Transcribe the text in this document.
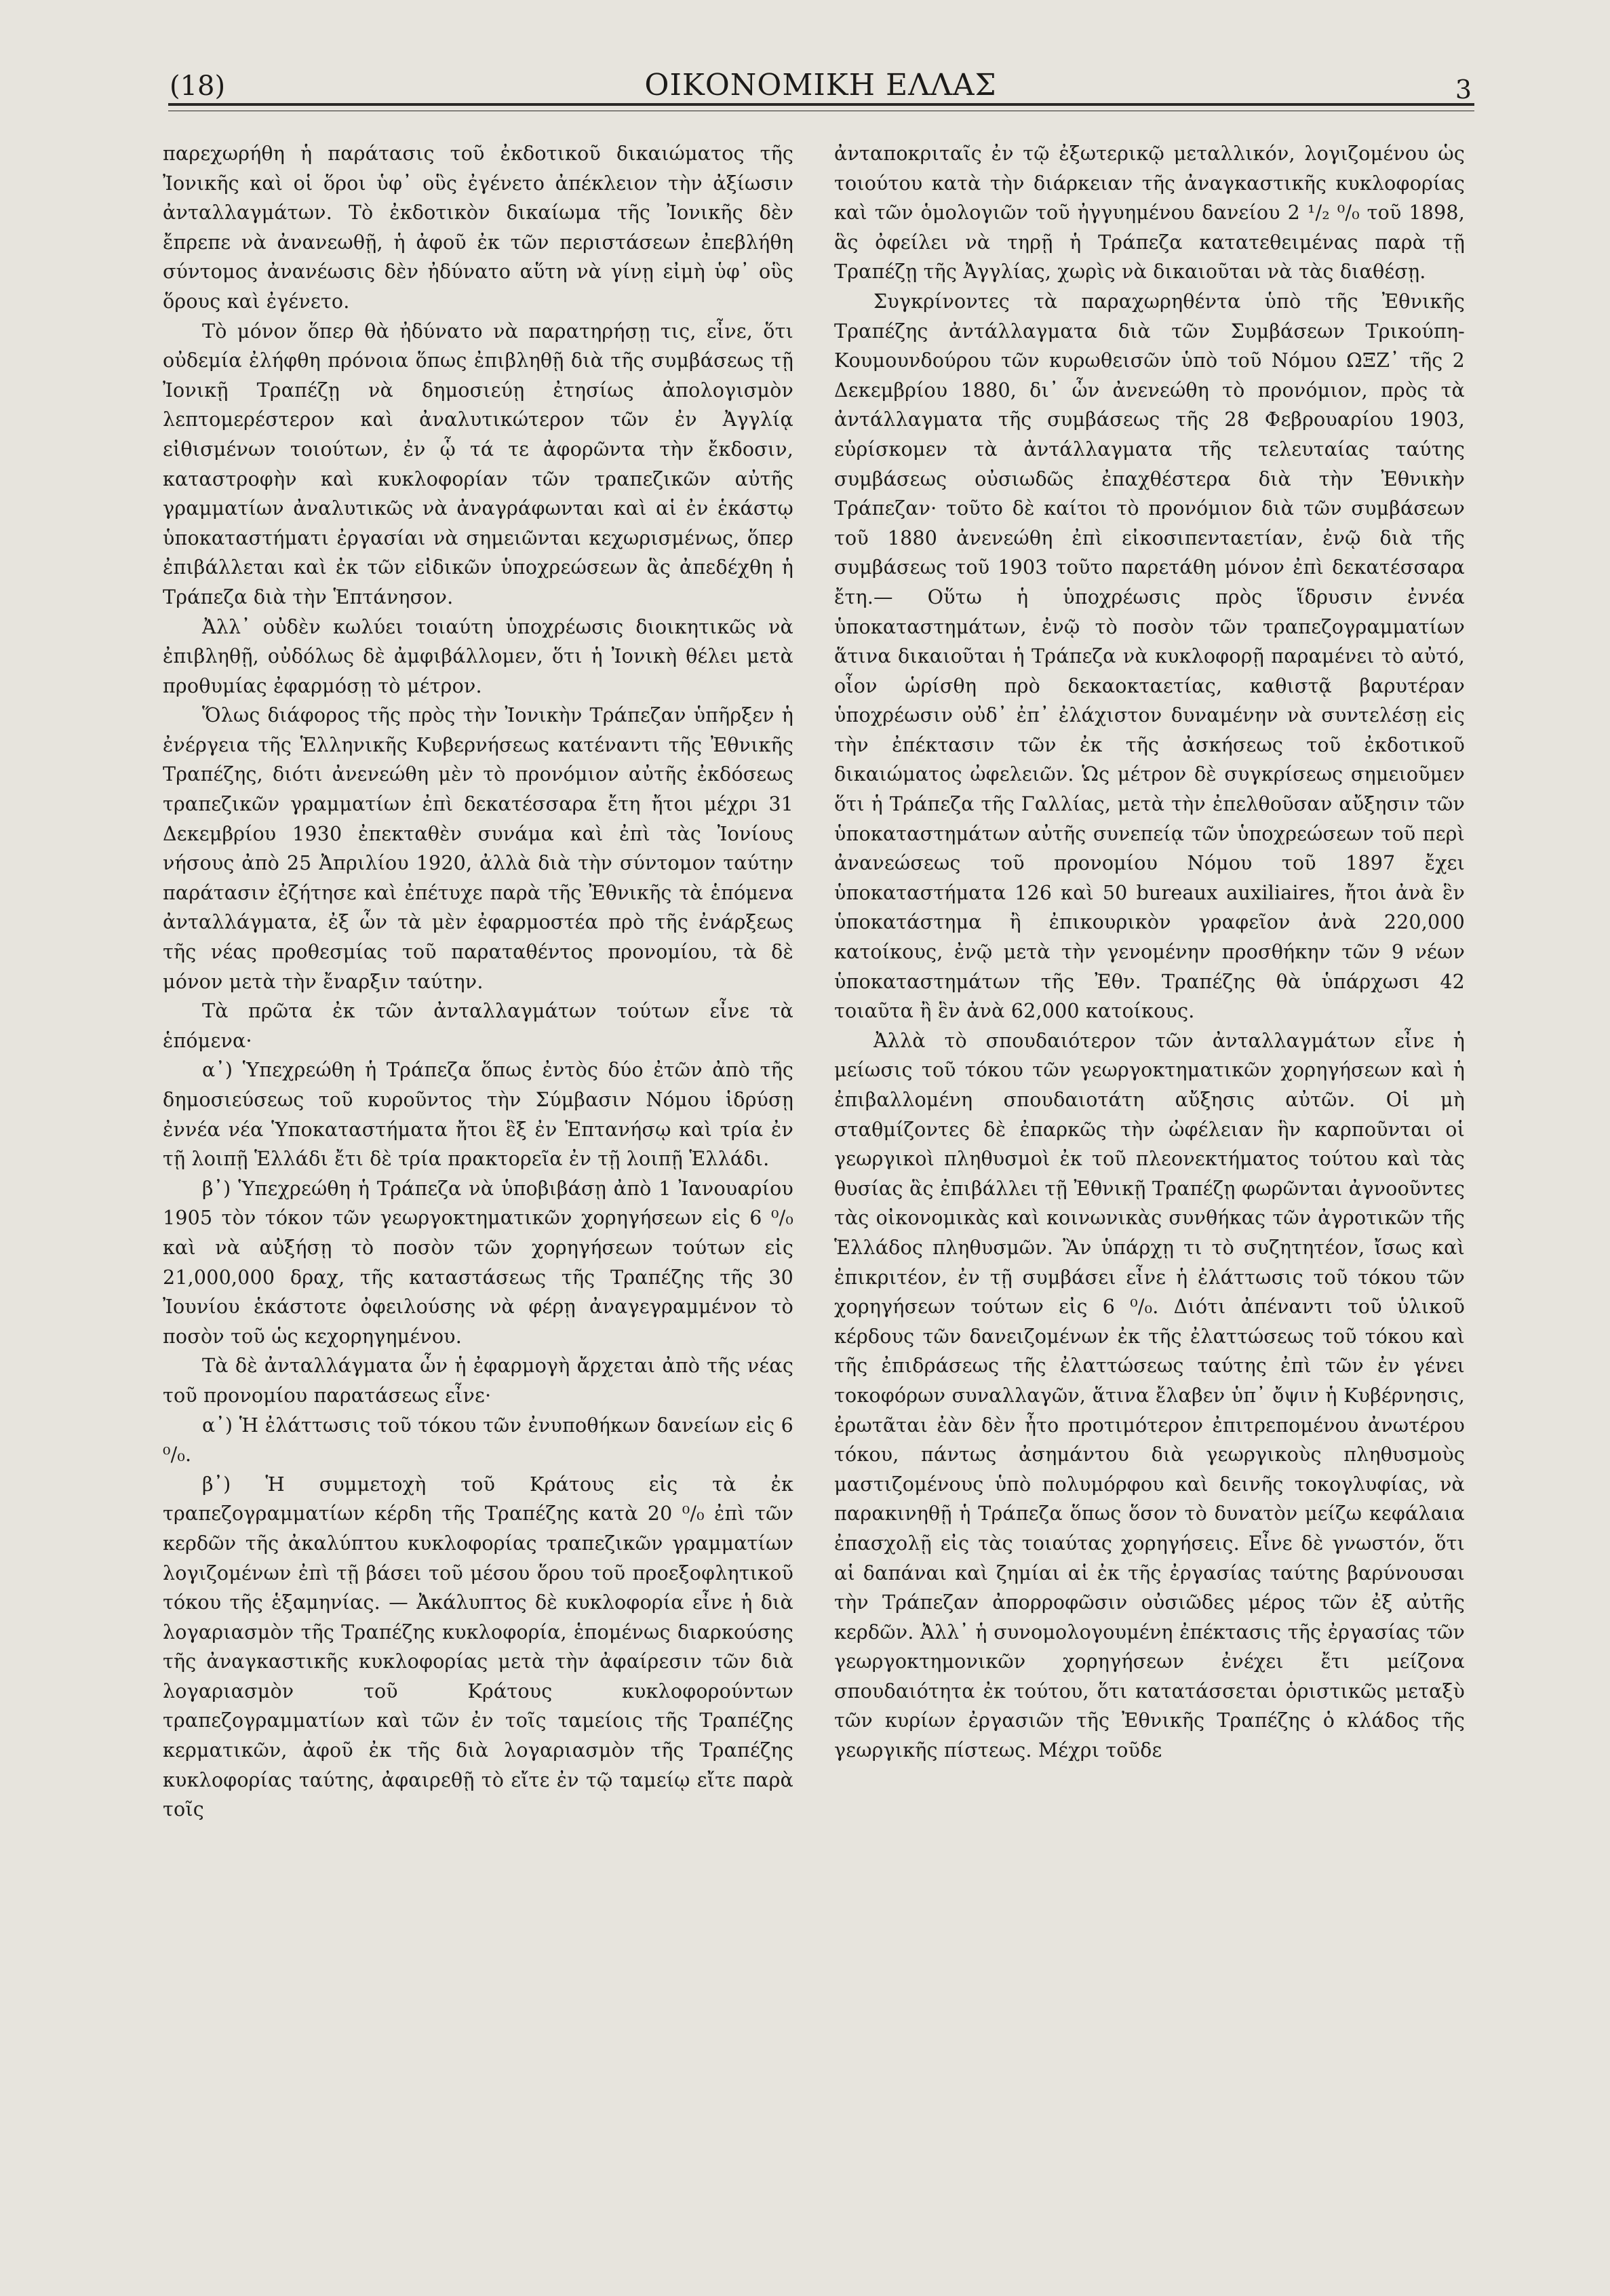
(18)	ΟΙΚΟΝΟΜΙΚΗ ΕΛΛΑΣ	3

παρεχωρήθη ἡ παράτασις τοῦ ἐκδοτικοῦ δικαιώματος τῆς Ἰονικῆς καὶ οἱ ὅροι ὑφ᾽ οὓς ἐγένετο ἀπέκλειον τὴν ἀξίωσιν ἀνταλλαγμάτων. Τὸ ἐκδοτικὸν δικαίωμα τῆς Ἰονικῆς δὲν ἔπρεπε νὰ ἀνανεωθῇ, ἡ ἀφοῦ ἐκ τῶν περιστάσεων ἐπεβλήθη σύντομος ἀνανέωσις δὲν ἠδύνατο αὕτη νὰ γίνῃ εἰμὴ ὑφ᾽ οὓς ὅρους καὶ ἐγένετο.

Τὸ μόνον ὅπερ θὰ ἠδύνατο νὰ παρατηρήσῃ τις, εἶνε, ὅτι οὐδεμία ἐλήφθη πρόνοια ὅπως ἐπιβληθῇ διὰ τῆς συμβάσεως τῇ Ἰονικῇ Τραπέζῃ νὰ δημοσιεύῃ ἐτησίως ἀπολογισμὸν λεπτομερέστερον καὶ ἀναλυτικώτερον τῶν ἐν Ἀγγλίᾳ εἰθισμένων τοιούτων, ἐν ᾧ τά τε ἀφορῶντα τὴν ἔκδοσιν, καταστροφὴν καὶ κυκλοφορίαν τῶν τραπεζικῶν αὐτῆς γραμματίων ἀναλυτικῶς νὰ ἀναγράφωνται καὶ αἱ ἐν ἑκάστῳ ὑποκαταστήματι ἐργασίαι νὰ σημειῶνται κεχωρισμένως, ὅπερ ἐπιβάλλεται καὶ ἐκ τῶν εἰδικῶν ὑποχρεώσεων ἃς ἀπεδέχθη ἡ Τράπεζα διὰ τὴν Ἑπτάνησον.

Ἀλλ᾽ οὐδὲν κωλύει τοιαύτη ὑποχρέωσις διοικητικῶς νὰ ἐπιβληθῇ, οὐδόλως δὲ ἀμφιβάλλομεν, ὅτι ἡ Ἰονικὴ θέλει μετὰ προθυμίας ἐφαρμόσῃ τὸ μέτρον.

Ὅλως διάφορος τῆς πρὸς τὴν Ἰονικὴν Τράπεζαν ὑπῆρξεν ἡ ἐνέργεια τῆς Ἑλληνικῆς Κυβερνήσεως κατέναντι τῆς Ἐθνικῆς Τραπέζης, διότι ἀνενεώθη μὲν τὸ προνόμιον αὐτῆς ἐκδόσεως τραπεζικῶν γραμματίων ἐπὶ δεκατέσσαρα ἔτη ἤτοι μέχρι 31 Δεκεμβρίου 1930 ἐπεκταθὲν συνάμα καὶ ἐπὶ τὰς Ἰονίους νήσους ἀπὸ 25 Ἀπριλίου 1920, ἀλλὰ διὰ τὴν σύντομον ταύτην παράτασιν ἐζήτησε καὶ ἐπέτυχε παρὰ τῆς Ἐθνικῆς τὰ ἑπόμενα ἀνταλλάγματα, ἐξ ὧν τὰ μὲν ἐφαρμοστέα πρὸ τῆς ἐνάρξεως τῆς νέας προθεσμίας τοῦ παραταθέντος προνομίου, τὰ δὲ μόνον μετὰ τὴν ἔναρξιν ταύτην.

Τὰ πρῶτα ἐκ τῶν ἀνταλλαγμάτων τούτων εἶνε τὰ ἑπόμενα·

α᾽) Ὑπεχρεώθη ἡ Τράπεζα ὅπως ἐντὸς δύο ἐτῶν ἀπὸ τῆς δημοσιεύσεως τοῦ κυροῦντος τὴν Σύμβασιν Νόμου ἱδρύσῃ ἐννέα νέα Ὑποκαταστήματα ἤτοι ἓξ ἐν Ἑπτανήσῳ καὶ τρία ἐν τῇ λοιπῇ Ἑλλάδι ἔτι δὲ τρία πρακτορεῖα ἐν τῇ λοιπῇ Ἑλλάδι.

β᾽) Ὑπεχρεώθη ἡ Τράπεζα νὰ ὑποβιβάσῃ ἀπὸ 1 Ἰανουαρίου 1905 τὸν τόκον τῶν γεωργοκτηματικῶν χορηγήσεων εἰς 6 ⁰/₀ καὶ νὰ αὐξήσῃ τὸ ποσὸν τῶν χορηγήσεων τούτων εἰς 21,000,000 δραχ, τῆς καταστάσεως τῆς Τραπέζης τῆς 30 Ἰουνίου ἑκάστοτε ὀφειλούσης νὰ φέρῃ ἀναγεγραμμένον τὸ ποσὸν τοῦ ὡς κεχορηγημένου.

Τὰ δὲ ἀνταλλάγματα ὧν ἡ ἐφαρμογὴ ἄρχεται ἀπὸ τῆς νέας τοῦ προνομίου παρατάσεως εἶνε·

α᾽) Ἡ ἐλάττωσις τοῦ τόκου τῶν ἐνυποθήκων δανείων εἰς 6 ⁰/₀.

β᾽) Ἡ συμμετοχὴ τοῦ Κράτους εἰς τὰ ἐκ τραπεζογραμματίων κέρδη τῆς Τραπέζης κατὰ 20 ⁰/₀ ἐπὶ τῶν κερδῶν τῆς ἀκαλύπτου κυκλοφορίας τραπεζικῶν γραμματίων λογιζομένων ἐπὶ τῇ βάσει τοῦ μέσου ὅρου τοῦ προεξοφλητικοῦ τόκου τῆς ἑξαμηνίας. — Ἀκάλυπτος δὲ κυκλοφορία εἶνε ἡ διὰ λογαριασμὸν τῆς Τραπέζης κυκλοφορία, ἑπομένως διαρκούσης τῆς ἀναγκαστικῆς κυκλοφορίας μετὰ τὴν ἀφαίρεσιν τῶν διὰ λογαριασμὸν τοῦ Κράτους κυκλοφορούντων τραπεζογραμματίων καὶ τῶν ἐν τοῖς ταμείοις τῆς Τραπέζης κερματικῶν, ἀφοῦ ἐκ τῆς διὰ λογαριασμὸν τῆς Τραπέζης κυκλοφορίας ταύτης, ἀφαιρεθῇ τὸ εἴτε ἐν τῷ ταμείῳ εἴτε παρὰ τοῖς

ἀνταποκριταῖς ἐν τῷ ἐξωτερικῷ μεταλλικόν, λογιζομένου ὡς τοιούτου κατὰ τὴν διάρκειαν τῆς ἀναγκαστικῆς κυκλοφορίας καὶ τῶν ὁμολογιῶν τοῦ ἠγγυημένου δανείου 2 ¹/₂ ⁰/₀ τοῦ 1898, ἃς ὀφείλει νὰ τηρῇ ἡ Τράπεζα κατατεθειμένας παρὰ τῇ Τραπέζῃ τῆς Ἀγγλίας, χωρὶς νὰ δικαιοῦται νὰ τὰς διαθέσῃ.

Συγκρίνοντες τὰ παραχωρηθέντα ὑπὸ τῆς Ἐθνικῆς Τραπέζης ἀντάλλαγματα διὰ τῶν Συμβάσεων Τρικούπη-Κουμουνδούρου τῶν κυρωθεισῶν ὑπὸ τοῦ Νόμου ΩΞΖ᾽ τῆς 2 Δεκεμβρίου 1880, δι᾽ ὧν ἀνενεώθη τὸ προνόμιον, πρὸς τὰ ἀντάλλαγματα τῆς συμβάσεως τῆς 28 Φεβρουαρίου 1903, εὑρίσκομεν τὰ ἀντάλλαγματα τῆς τελευταίας ταύτης συμβάσεως οὐσιωδῶς ἐπαχθέστερα διὰ τὴν Ἐθνικὴν Τράπεζαν· τοῦτο δὲ καίτοι τὸ προνόμιον διὰ τῶν συμβάσεων τοῦ 1880 ἀνενεώθη ἐπὶ εἰκοσιπενταετίαν, ἐνῷ διὰ τῆς συμβάσεως τοῦ 1903 τοῦτο παρετάθη μόνον ἐπὶ δεκατέσσαρα ἔτη.— Οὕτω ἡ ὑποχρέωσις πρὸς ἵδρυσιν ἐννέα ὑποκαταστημάτων, ἐνῷ τὸ ποσὸν τῶν τραπεζογραμματίων ἅτινα δικαιοῦται ἡ Τράπεζα νὰ κυκλοφορῇ παραμένει τὸ αὐτό, οἷον ὡρίσθη πρὸ δεκαοκταετίας, καθιστᾷ βαρυτέραν ὑποχρέωσιν οὐδ᾽ ἐπ᾽ ἐλάχιστον δυναμένην νὰ συντελέσῃ εἰς τὴν ἐπέκτασιν τῶν ἐκ τῆς ἀσκήσεως τοῦ ἐκδοτικοῦ δικαιώματος ὠφελειῶν. Ὡς μέτρον δὲ συγκρίσεως σημειοῦμεν ὅτι ἡ Τράπεζα τῆς Γαλλίας, μετὰ τὴν ἐπελθοῦσαν αὔξησιν τῶν ὑποκαταστημάτων αὐτῆς συνεπείᾳ τῶν ὑποχρεώσεων τοῦ περὶ ἀνανεώσεως τοῦ προνομίου Νόμου τοῦ 1897 ἔχει ὑποκαταστήματα 126 καὶ 50 bureaux auxiliaires, ἤτοι ἀνὰ ἓν ὑποκατάστημα ἢ ἐπικουρικὸν γραφεῖον ἀνὰ 220,000 κατοίκους, ἐνῷ μετὰ τὴν γενομένην προσθήκην τῶν 9 νέων ὑποκαταστημάτων τῆς Ἐθν. Τραπέζης θὰ ὑπάρχωσι 42 τοιαῦτα ἢ ἓν ἀνὰ 62,000 κατοίκους.

Ἀλλὰ τὸ σπουδαιότερον τῶν ἀνταλλαγμάτων εἶνε ἡ μείωσις τοῦ τόκου τῶν γεωργοκτηματικῶν χορηγήσεων καὶ ἡ ἐπιβαλλομένη σπουδαιοτάτη αὔξησις αὐτῶν. Οἱ μὴ σταθμίζοντες δὲ ἐπαρκῶς τὴν ὠφέλειαν ἣν καρποῦνται οἱ γεωργικοὶ πληθυσμοὶ ἐκ τοῦ πλεονεκτήματος τούτου καὶ τὰς θυσίας ἃς ἐπιβάλλει τῇ Ἐθνικῇ Τραπέζῃ φωρῶνται ἀγνοοῦντες τὰς οἰκονομικὰς καὶ κοινωνικὰς συνθήκας τῶν ἀγροτικῶν τῆς Ἑλλάδος πληθυσμῶν. Ἂν ὑπάρχῃ τι τὸ συζητητέον, ἴσως καὶ ἐπικριτέον, ἐν τῇ συμβάσει εἶνε ἡ ἐλάττωσις τοῦ τόκου τῶν χορηγήσεων τούτων εἰς 6 ⁰/₀. Διότι ἀπέναντι τοῦ ὑλικοῦ κέρδους τῶν δανειζομένων ἐκ τῆς ἐλαττώσεως τοῦ τόκου καὶ τῆς ἐπιδράσεως τῆς ἐλαττώσεως ταύτης ἐπὶ τῶν ἐν γένει τοκοφόρων συναλλαγῶν, ἅτινα ἔλαβεν ὑπ᾽ ὄψιν ἡ Κυβέρνησις, ἐρωτᾶται ἐὰν δὲν ἦτο προτιμότερον ἐπιτρεπομένου ἀνωτέρου τόκου, πάντως ἀσημάντου διὰ γεωργικοὺς πληθυσμοὺς μαστιζομένους ὑπὸ πολυμόρφου καὶ δεινῆς τοκογλυφίας, νὰ παρακινηθῇ ἡ Τράπεζα ὅπως ὅσον τὸ δυνατὸν μείζω κεφάλαια ἐπασχολῇ εἰς τὰς τοιαύτας χορηγήσεις. Εἶνε δὲ γνωστόν, ὅτι αἱ δαπάναι καὶ ζημίαι αἱ ἐκ τῆς ἐργασίας ταύτης βαρύνουσαι τὴν Τράπεζαν ἀπορροφῶσιν οὐσιῶδες μέρος τῶν ἐξ αὐτῆς κερδῶν. Ἀλλ᾽ ἡ συνομολογουμένη ἐπέκτασις τῆς ἐργασίας τῶν γεωργοκτημονικῶν χορηγήσεων ἐνέχει ἔτι μείζονα σπουδαιότητα ἐκ τούτου, ὅτι κατατάσσεται ὁριστικῶς μεταξὺ τῶν κυρίων ἐργασιῶν τῆς Ἐθνικῆς Τραπέζης ὁ κλάδος τῆς γεωργικῆς πίστεως. Μέχρι τοῦδε
